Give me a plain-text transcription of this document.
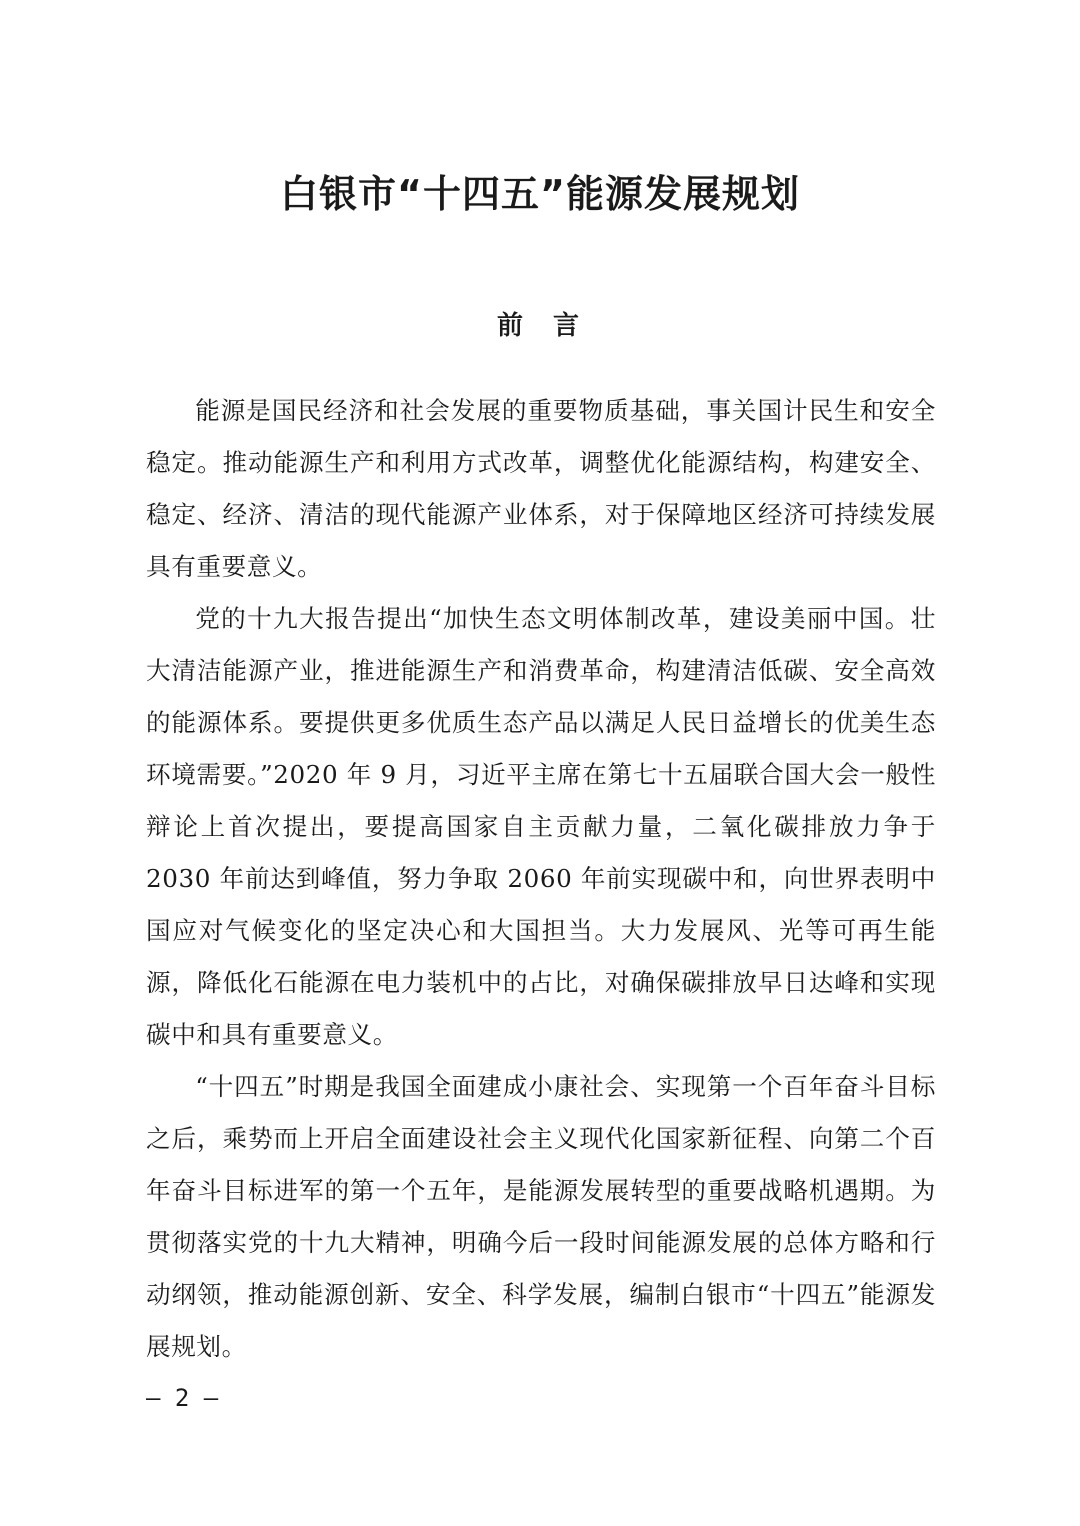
白银市“十四五”能源发展规划
前 言

能源是国民经济和社会发展的重要物质基础，事关国计民生和安全稳定。推动能源生产和利用方式改革，调整优化能源结构，构建安全、稳定、经济、清洁的现代能源产业体系，对于保障地区经济可持续发展具有重要意义。

党的十九大报告提出“加快生态文明体制改革，建设美丽中国。壮大清洁能源产业，推进能源生产和消费革命，构建清洁低碳、安全高效的能源体系。要提供更多优质生态产品以满足人民日益增长的优美生态环境需要。”2020 年 9 月，习近平主席在第七十五届联合国大会一般性辩论上首次提出，要提高国家自主贡献力量，二氧化碳排放力争于 2030 年前达到峰值，努力争取 2060 年前实现碳中和，向世界表明中国应对气候变化的坚定决心和大国担当。大力发展风、光等可再生能源，降低化石能源在电力装机中的占比，对确保碳排放早日达峰和实现碳中和具有重要意义。

“十四五”时期是我国全面建成小康社会、实现第一个百年奋斗目标之后，乘势而上开启全面建设社会主义现代化国家新征程、向第二个百年奋斗目标进军的第一个五年，是能源发展转型的重要战略机遇期。为贯彻落实党的十九大精神，明确今后一段时间能源发展的总体方略和行动纲领，推动能源创新、安全、科学发展，编制白银市“十四五”能源发展规划。

– 2 –
